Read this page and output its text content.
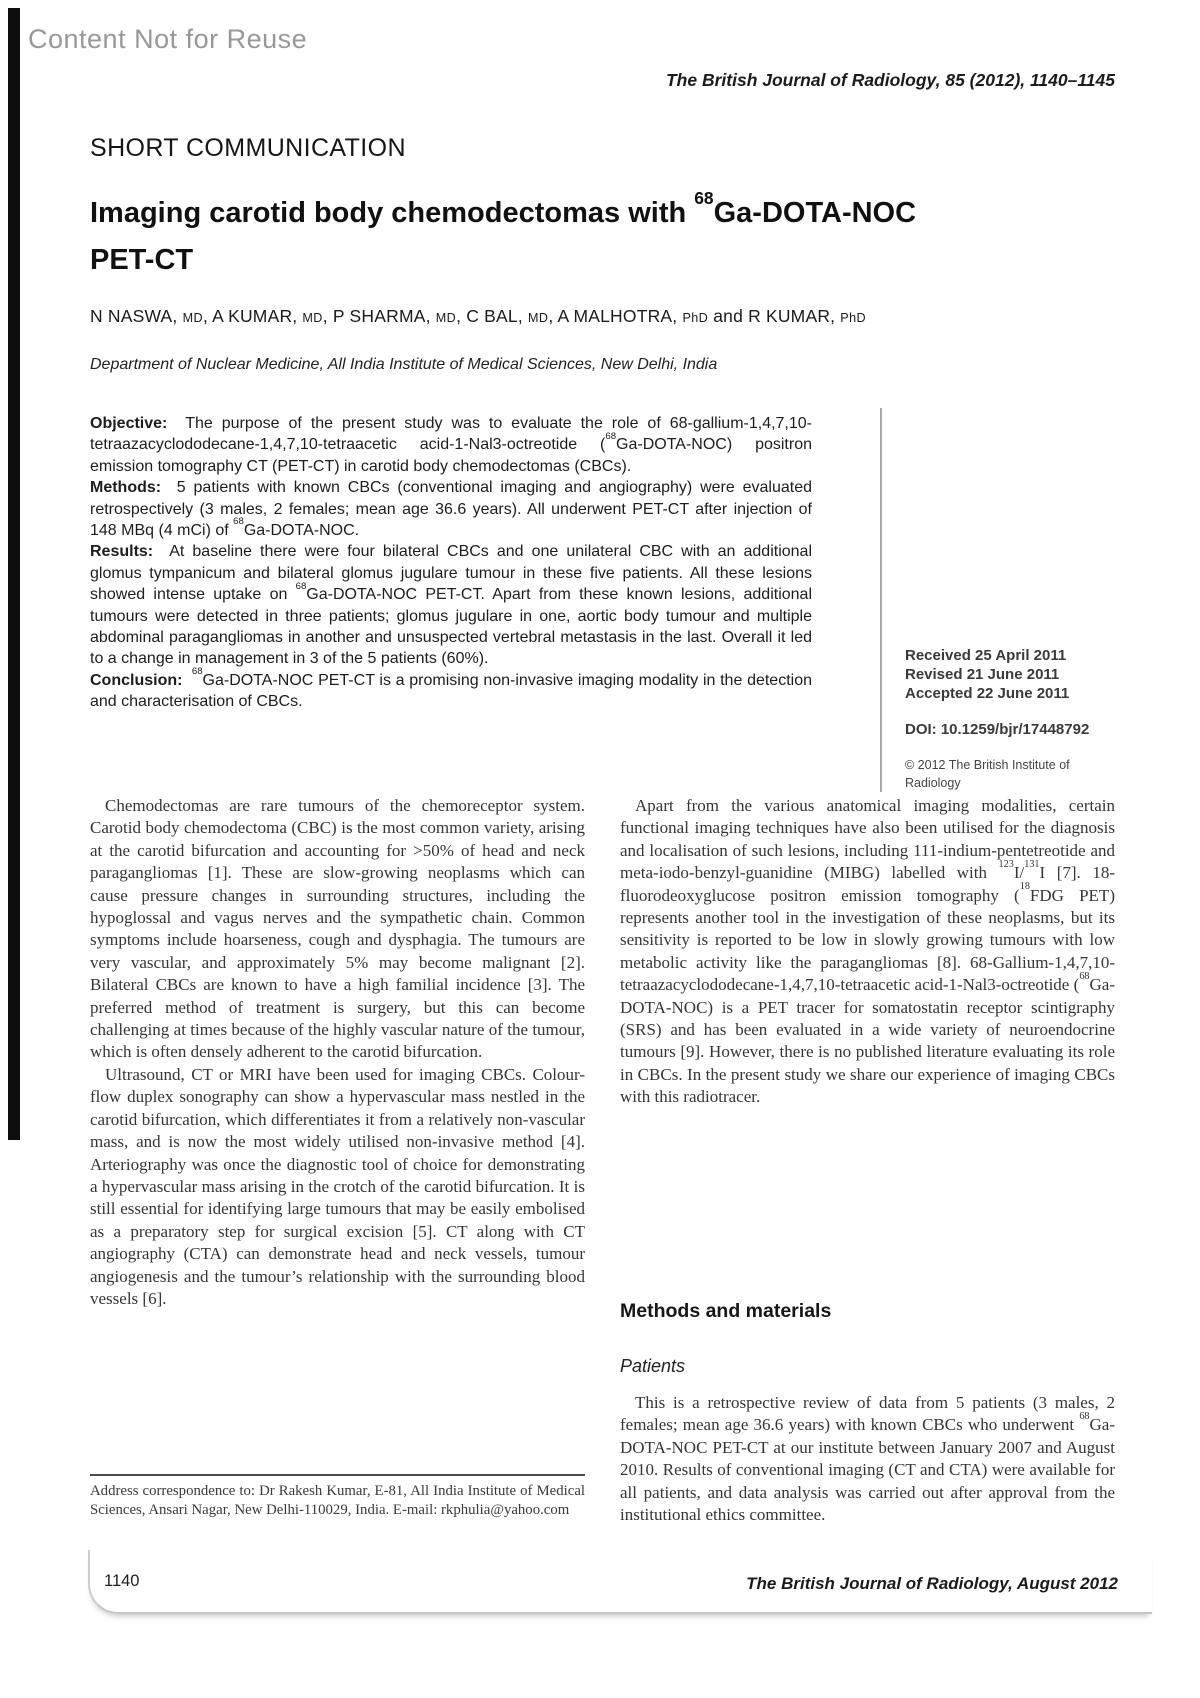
Content Not for Reuse
The British Journal of Radiology, 85 (2012), 1140–1145
SHORT COMMUNICATION
Imaging carotid body chemodectomas with $^{68}$Ga-DOTA-NOC
PET-CT
N NASWA, MD, A KUMAR, MD, P SHARMA, MD, C BAL, MD, A MALHOTRA, PhD and R KUMAR, PhD
Department of Nuclear Medicine, All India Institute of Medical Sciences, New Delhi, India

Objective: The purpose of the present study was to evaluate the role of 68-gallium-1,4,7,10-tetraazacyclododecane-1,4,7,10-tetraacetic acid-1-Nal3-octreotide ($^{68}$Ga-DOTA-NOC) positron emission tomography CT (PET-CT) in carotid body chemodectomas (CBCs).

Methods: 5 patients with known CBCs (conventional imaging and angiography) were evaluated retrospectively (3 males, 2 females; mean age 36.6 years). All underwent PET-CT after injection of 148 MBq (4 mCi) of $^{68}$Ga-DOTA-NOC.

Results: At baseline there were four bilateral CBCs and one unilateral CBC with an additional glomus tympanicum and bilateral glomus jugulare tumour in these five patients. All these lesions showed intense uptake on $^{68}$Ga-DOTA-NOC PET-CT. Apart from these known lesions, additional tumours were detected in three patients; glomus jugulare in one, aortic body tumour and multiple abdominal paragangliomas in another and unsuspected vertebral metastasis in the last. Overall it led to a change in management in 3 of the 5 patients (60%).

Conclusion:$^{68}$Ga-DOTA-NOC PET-CT is a promising non-invasive imaging modality in the detection and characterisation of CBCs.

Received 25 April 2011
Revised 21 June 2011
Accepted 22 June 2011
DOI: 10.1259/bjr/17448792
© 2012 The British Institute of
Radiology

Chemodectomas are rare tumours of the chemoreceptor system. Carotid body chemodectoma (CBC) is the most common variety, arising at the carotid bifurcation and accounting for >50% of head and neck paragangliomas [1]. These are slow-growing neoplasms which can cause pressure changes in surrounding structures, including the hypoglossal and vagus nerves and the sympathetic chain. Common symptoms include hoarseness, cough and dysphagia. The tumours are very vascular, and approximately 5% may become malignant [2]. Bilateral CBCs are known to have a high familial incidence [3]. The preferred method of treatment is surgery, but this can become challenging at times because of the highly vascular nature of the tumour, which is often densely adherent to the carotid bifurcation.

Ultrasound, CT or MRI have been used for imaging CBCs. Colour-flow duplex sonography can show a hypervascular mass nestled in the carotid bifurcation, which differentiates it from a relatively non-vascular mass, and is now the most widely utilised non-invasive method [4]. Arteriography was once the diagnostic tool of choice for demonstrating a hypervascular mass arising in the crotch of the carotid bifurcation. It is still essential for identifying large tumours that may be easily embolised as a preparatory step for surgical excision [5]. CT along with CT angiography (CTA) can demonstrate head and neck vessels, tumour angiogenesis and the tumour’s relationship with the surrounding blood vessels [6].

Apart from the various anatomical imaging modalities, certain functional imaging techniques have also been utilised for the diagnosis and localisation of such lesions, including 111-indium-pentetreotide and meta-iodo-benzyl-guanidine (MIBG) labelled with $^{123}$I/$^{131}$I [7]. 18-fluorodeoxyglucose positron emission tomography ($^{18}$FDG PET) represents another tool in the investigation of these neoplasms, but its sensitivity is reported to be low in slowly growing tumours with low metabolic activity like the paragangliomas [8]. 68-Gallium-1,4,7,10-tetraazacyclododecane-1,4,7,10-tetraacetic acid-1-Nal3-octreotide ($^{68}$Ga-DOTA-NOC) is a PET tracer for somatostatin receptor scintigraphy (SRS) and has been evaluated in a wide variety of neuroendocrine tumours [9]. However, there is no published literature evaluating its role in CBCs. In the present study we share our experience of imaging CBCs with this radiotracer.

Methods and materials
Patients

This is a retrospective review of data from 5 patients (3 males, 2 females; mean age 36.6 years) with known CBCs who underwent $^{68}$Ga-DOTA-NOC PET-CT at our institute between January 2007 and August 2010. Results of conventional imaging (CT and CTA) were available for all patients, and data analysis was carried out after approval from the institutional ethics committee.

Address correspondence to: Dr Rakesh Kumar, E-81, All India Institute of Medical Sciences, Ansari Nagar, New Delhi-110029, India. E-mail: rkphulia@yahoo.com
1140	The British Journal of Radiology, August 2012
